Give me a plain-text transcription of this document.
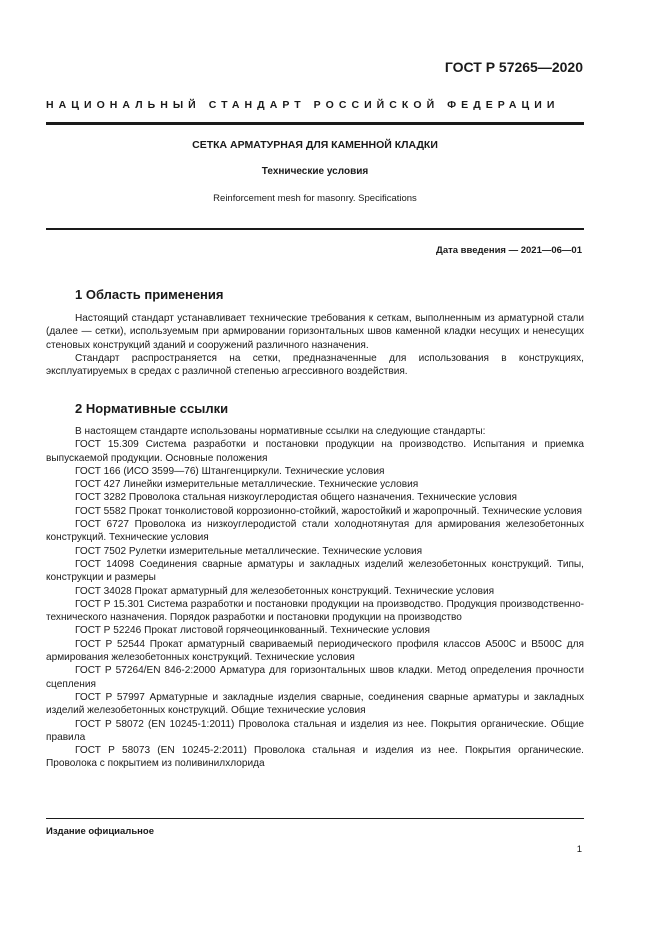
ГОСТ Р 57265—2020
НАЦИОНАЛЬНЫЙ СТАНДАРТ РОССИЙСКОЙ ФЕДЕРАЦИИ
СЕТКА АРМАТУРНАЯ ДЛЯ КАМЕННОЙ КЛАДКИ
Технические условия
Reinforcement mesh for masonry. Specifications
Дата введения — 2021—06—01
1 Область применения

Настоящий стандарт устанавливает технические требования к сеткам, выполненным из арматурной стали (далее — сетки), используемым при армировании горизонтальных швов каменной кладки несущих и ненесущих стеновых конструкций зданий и сооружений различного назначения.

Стандарт распространяется на сетки, предназначенные для использования в конструкциях, эксплуатируемых в средах с различной степенью агрессивного воздействия.

2 Нормативные ссылки

В настоящем стандарте использованы нормативные ссылки на следующие стандарты:

ГОСТ 15.309 Система разработки и постановки продукции на производство. Испытания и приемка выпускаемой продукции. Основные положения

ГОСТ 166 (ИСО 3599—76) Штангенциркули. Технические условия

ГОСТ 427 Линейки измерительные металлические. Технические условия

ГОСТ 3282 Проволока стальная низкоуглеродистая общего назначения. Технические условия

ГОСТ 5582 Прокат тонколистовой коррозионно-стойкий, жаростойкий и жаропрочный. Технические условия

ГОСТ 6727 Проволока из низкоуглеродистой стали холоднотянутая для армирования железобетонных конструкций. Технические условия

ГОСТ 7502 Рулетки измерительные металлические. Технические условия

ГОСТ 14098 Соединения сварные арматуры и закладных изделий железобетонных конструкций. Типы, конструкции и размеры

ГОСТ 34028 Прокат арматурный для железобетонных конструкций. Технические условия

ГОСТ Р 15.301 Система разработки и постановки продукции на производство. Продукция производственно-технического назначения. Порядок разработки и постановки продукции на производство

ГОСТ Р 52246 Прокат листовой горячеоцинкованный. Технические условия

ГОСТ Р 52544 Прокат арматурный свариваемый периодического профиля классов А500С и В500С для армирования железобетонных конструкций. Технические условия

ГОСТ Р 57264/EN 846-2:2000 Арматура для горизонтальных швов кладки. Метод определения прочности сцепления

ГОСТ Р 57997 Арматурные и закладные изделия сварные, соединения сварные арматуры и закладных изделий железобетонных конструкций. Общие технические условия

ГОСТ Р 58072 (EN 10245-1:2011) Проволока стальная и изделия из нее. Покрытия органические. Общие правила

ГОСТ Р 58073 (EN 10245-2:2011) Проволока стальная и изделия из нее. Покрытия органические. Проволока с покрытием из поливинилхлорида

Издание официальное
1
